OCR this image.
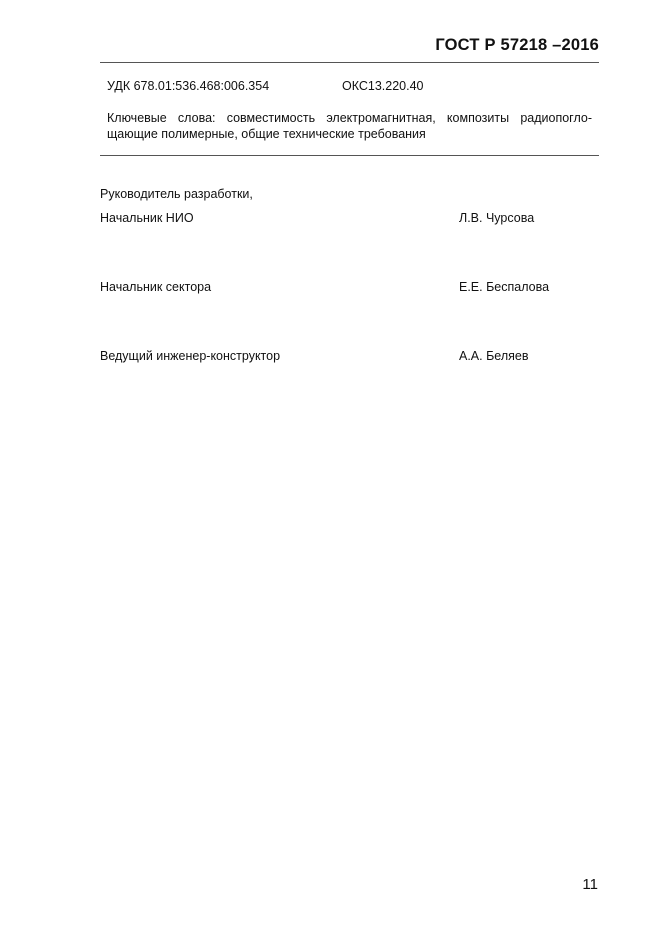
ГОСТ Р 57218 –2016
УДК 678.01:536.468:006.354	ОКС13.220.40
Ключевые слова: совместимость электромагнитная, композиты радиопогло-
щающие полимерные, общие технические требования
Руководитель разработки,
Начальник НИО	Л.В. Чурсова
Начальник сектора	Е.Е. Беспалова
Ведущий инженер-конструктор	А.А. Беляев
11
